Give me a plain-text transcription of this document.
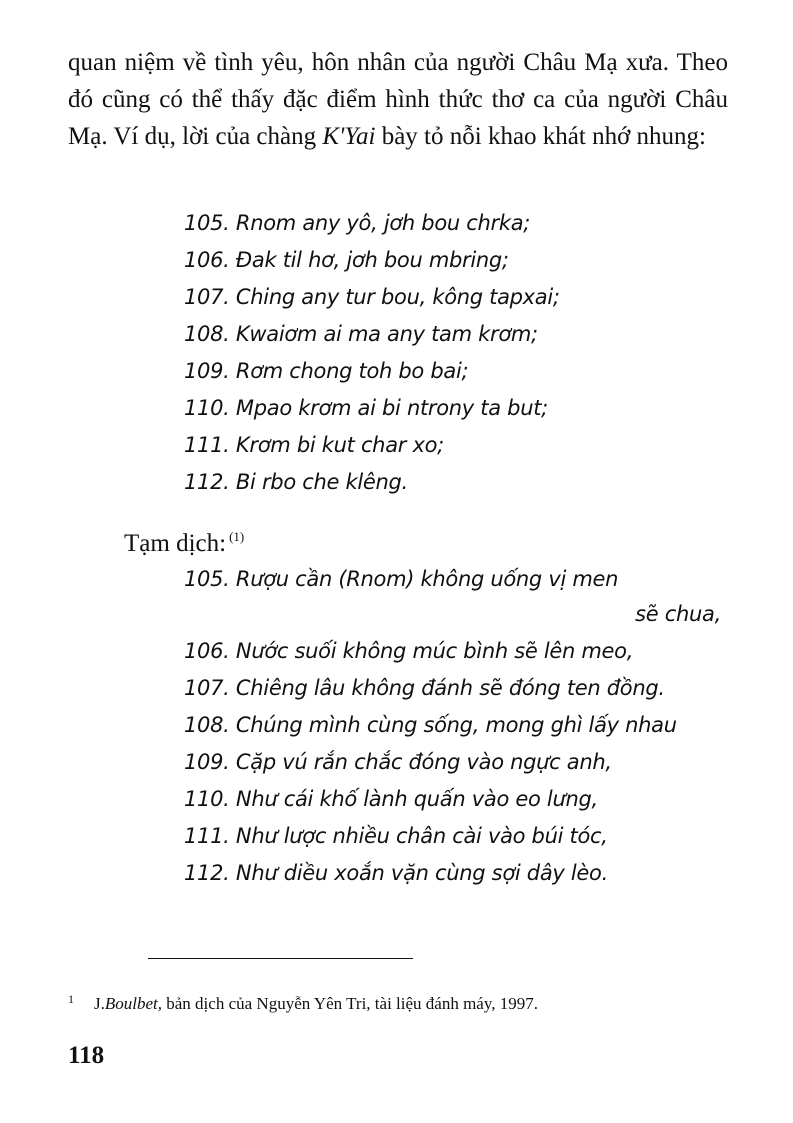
quan niệm về tình yêu, hôn nhân của người Châu Mạ xưa. Theo đó cũng có thể thấy đặc điểm hình thức thơ ca của người Châu Mạ. Ví dụ, lời của chàng K'Yai bày tỏ nỗi khao khát nhớ nhung:

105. Rnom any yô, jơh bou chrka;
106. Đak til hơ, jơh bou mbring;
107. Ching any tur bou, kông tapxai;
108. Kwaiơm ai ma any tam krơm;
109. Rơm chong toh bo bai;
110. Mpao krơm ai bi ntrony ta but;
111. Krơm bi kut char xo;
112. Bi rbo che klêng.
Tạm dịch: $^{(1)}$
105. Rượu cần (Rnom) không uống vị men
sẽ chua,
106. Nước suối không múc bình sẽ lên meo,
107. Chiêng lâu không đánh sẽ đóng ten đồng.
108. Chúng mình cùng sống, mong ghì lấy nhau
109. Cặp vú rắn chắc đóng vào ngực anh,
110. Như cái khố lành quấn vào eo lưng,
111. Như lược nhiều chân cài vào búi tóc,
112. Như diều xoắn vặn cùng sợi dây lèo.
1 J.Boulbet, bản dịch của Nguyễn Yên Tri, tài liệu đánh máy, 1997.
118
